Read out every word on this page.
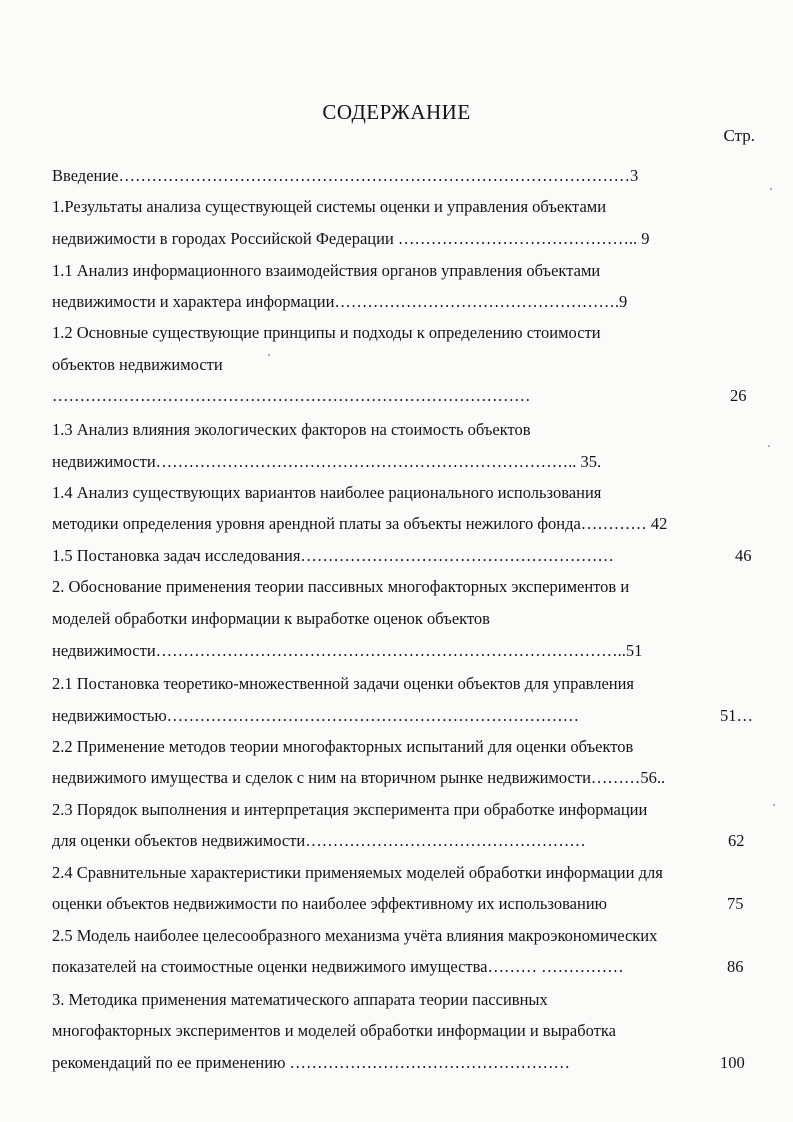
СОДЕРЖАНИЕ
Стр.
Введение…………………………………………………………………………………3
1.Результаты анализа существующей системы оценки и управления объектами
недвижимости в городах Российской Федерации …………………………………….. 9
1.1 Анализ информационного взаимодействия органов управления объектами
недвижимости и характера информации…………………………………………….9
1.2 Основные существующие принципы и подходы к определению стоимости
объектов недвижимости
……………………………………………………………………………	26
1.3 Анализ влияния экологических факторов на стоимость объектов
недвижимости………………………………………………………………….. 35.
1.4 Анализ существующих вариантов наиболее рационального использования
методики определения уровня арендной платы за объекты нежилого фонда………… 42
1.5 Постановка задач исследования…………………………………………………	46
2. Обоснование применения теории пассивных многофакторных экспериментов и
моделей обработки информации к выработке оценок объектов
недвижимости…………………………………………………………………………..51
2.1 Постановка теоретико-множественной задачи оценки объектов для управления
недвижимостью…………………………………………………………………	51…
2.2 Применение методов теории многофакторных испытаний для оценки объектов
недвижимого имущества и сделок с ним на вторичном рынке недвижимости………56..
2.3 Порядок выполнения и интерпретация эксперимента при обработке информации
для оценки объектов недвижимости……………………………………………	62
2.4 Сравнительные характеристики применяемых моделей обработки информации для
оценки объектов недвижимости по наиболее эффективному их использованию	75
2.5 Модель наиболее целесообразного механизма учёта влияния макроэкономических
показателей на стоимостные оценки недвижимого имущества……… ……………	86
3. Методика применения математического аппарата теории пассивных
многофакторных экспериментов и моделей обработки информации и выработка
рекомендаций по ее применению ……………………………………………	100
